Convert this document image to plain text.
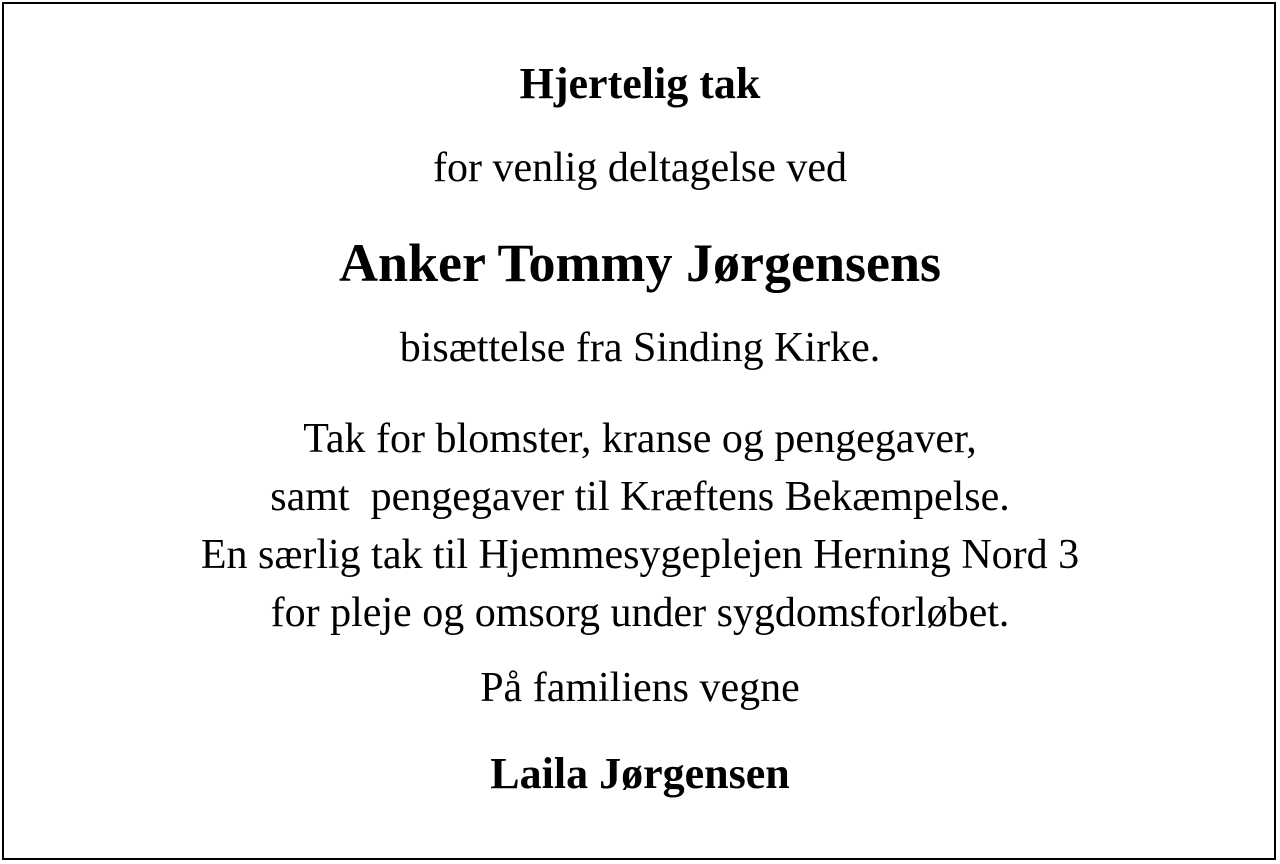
Hjertelig tak
for venlig deltagelse ved
Anker Tommy Jørgensens
bisættelse fra Sinding Kirke.
Tak for blomster, kranse og pengegaver,
samt  pengegaver til Kræftens Bekæmpelse.
En særlig tak til Hjemmesygeplejen Herning Nord 3
for pleje og omsorg under sygdomsforløbet.
På familiens vegne
Laila Jørgensen
